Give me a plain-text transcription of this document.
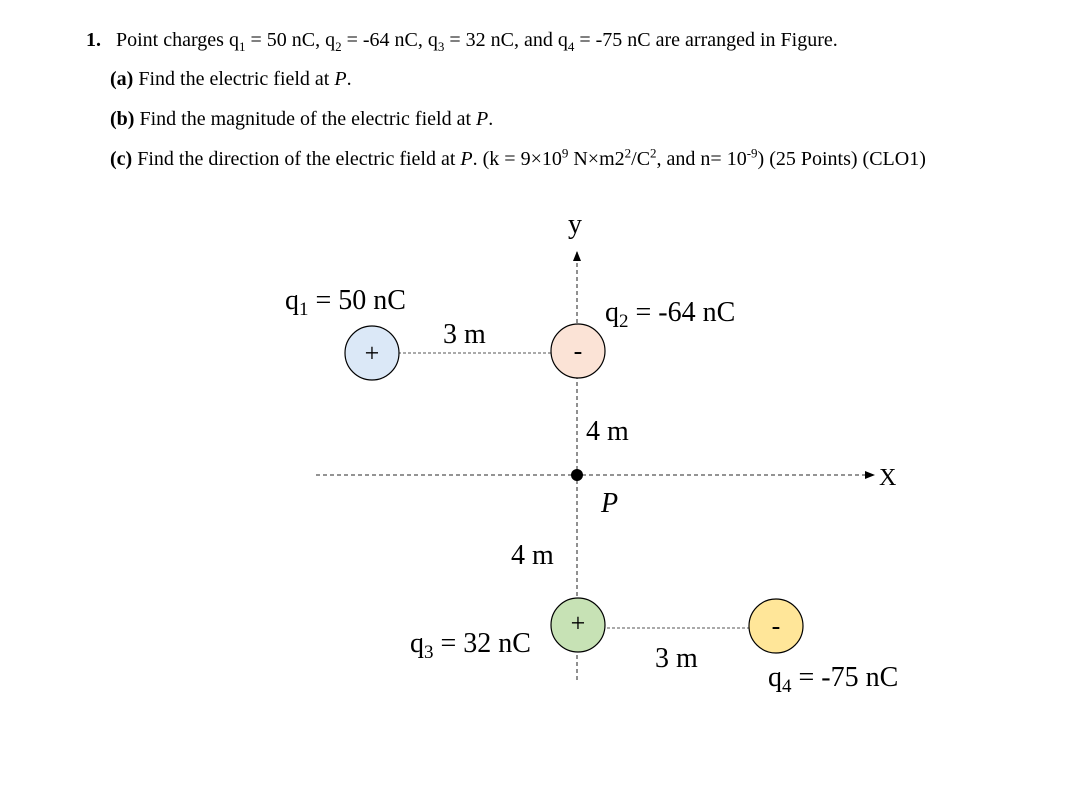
1. Point charges $q_1 = 50$ nC, $q_2 = -64$ nC, $q_3 = 32$ nC, and $q_4 = -75$ nC are arranged in Figure.
(a) Find the electric field at P.
(b) Find the magnitude of the electric field at P.
(c) Find the direction of the electric field at P. ($k = 9\times 10^9$ $N\times m2^2/C^2$, and $n= 10^{-9}$) (25 Points) (CLO1)
y
X
P
+	-
+	-
$q_1 = 50$ nC	$q_2 = -64$ nC
$q_3 = 32$ nC
$q_4 = -75$ nC
3 m
4 m
4 m
3 m
